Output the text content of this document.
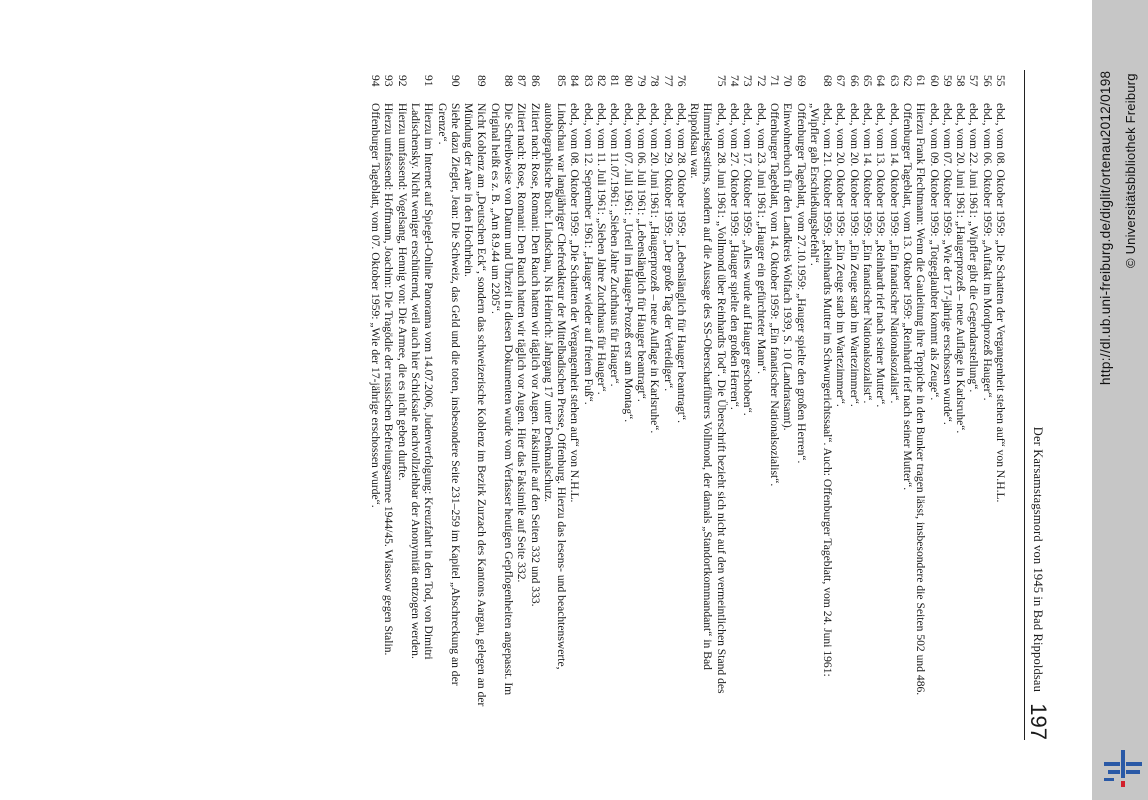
Der Karsamstagsmord von 1945 in Bad Rippoldsau
197
55
ebd., vom 08. Oktober 1959: „Die Schatten der Vergangenheit stehen auf“ von N.H.L.
56
ebd., vom 06. Oktober 1959: „Auftakt im Mordprozeß Hauger“.
57
ebd., vom 22. Juni 1961: „Wipfler gibt die Gegendarstellung“.
58
ebd., vom 20. Juni 1961: „Haugerprozeß – neue Auflage in Karlsruhe“.
59
ebd., vom 07. Oktober 1959: „Wie der 17-jährige erschossen wurde“.
60
ebd., vom 09. Oktober 1959: „Totgeglaubter kommt als Zeuge“.
61
Hierzu Frank Flechtmann: Wenn die Gauleitung ihre Teppiche in den Bunker tragen lässt, insbesondere die Seiten 502 und 486.
62
Offenburger Tageblatt, vom 13. Oktober 1959: „Reinhardt rief nach seiner Mutter“.
63
ebd., vom 14. Oktober 1959: „Ein fanatischer Nationalsozialist“.
64
ebd., vom 13. Oktober 1959: „Reinhardt rief nach seiner Mutter“.
65
ebd., vom 14. Oktober 1959: „Ein fanatischer Nationalsozialist“.
66
ebd., vom 20. Oktober 1959: „Ein Zeuge starb im Wartezimmer“.
67
ebd., vom 20. Oktober 1959: „Ein Zeuge starb im Wartezimmer“.
68
ebd., vom 21. Oktober 1959: „Reinhardts Mutter im Schwurgerichtssaal“. Auch: Offenburger Tageblatt, vom 24. Juni 1961: „Wipfler gab Erschießungsbefehl“.
69
Offenburger Tageblatt, vom 27.10.1959: „Hauger spielte den großen Herren“.
70
Einwohnerbuch für den Landkreis Wolfach 1939, S. 10 (Landratsamt).
71
Offenburger Tageblatt, vom 14. Oktober 1959: „Ein fanatischer Nationalsozialist“.
72
ebd., vom 23. Juni 1961: „Hauger ein gefürchteter Mann“.
73
ebd., vom 17. Oktober 1959: „Alles wurde auf Hauger geschoben“.
74
ebd., vom 27. Oktober 1959: „Hauger spielte den großen Herren“.
75
ebd., vom 28. Juni 1961: „Vollmond über Reinhardts Tod“. Die Überschrift bezieht sich nicht auf den vermeintlichen Stand des Himmelsgestirns, sondern auf die Aussage des SS-Oberscharführers Vollmond, der damals „Standortkommandant“ in Bad Rippoldsau war.
76
ebd., vom 28. Oktober 1959: „Lebenslänglich für Hauger beantragt“.
77
ebd., vom 29. Oktober 1959: „Der große Tag der Verteidiger“.
78
ebd., vom 20. Juni 1961: „Haugerprozeß – neue Auflage in Karlsruhe“.
79
ebd., vom 06. Juli 1961: „Lebenslänglich für Hauger beantragt“.
80
ebd., vom 07. Juli 1961: „Urteil im Hauger-Prozeß erst am Montag“.
81
ebd., vom 11.07.1961: „Sieben Jahre Zuchthaus für Hauger“.
82
ebd., vom 11. Juli 1961: „Sieben Jahre Zuchthaus für Hauger“.
83
ebd., vom 12. September 1961: „Hauger wieder auf freiem Fuß“.
84
ebd., vom 08. Oktober 1959: „Die Schatten der Vergangenheit stehen auf“ von N.H.L.
85
Lindschau war langjähriger Chefredakteur der Mittelbadischen Presse, Offenburg. Hierzu das lesens- und beachtenswerte, autobiographische Buch: Lindschau, Nis Heinrich: Jahrgang 17 unter Denkmalschutz.
86
Zitiert nach: Rose, Romani: Den Rauch hatten wir täglich vor Augen. Faksimile auf den Seiten 332 und 333.
87
Zitiert nach: Rose, Romani: Den Rauch hatten wir täglich vor Augen. Hier das Faksimile auf Seite 332.
88
Die Schreibweise von Datum und Uhrzeit in diesen Dokumenten wurde vom Verfasser heutigen Gepflogenheiten angepasst. Im Original heißt es z. B. „Am 8.9.44 um 2205“.
89
Nicht Koblenz am „Deutschen Eck“, sondern das schweizerische Koblenz im Bezirk Zurzach des Kantons Aargau, gelegen an der Mündung der Aare in den Hochrhein.
90
Siehe dazu Ziegler, Jean: Die Schweiz, das Geld und die toten, insbesondere Seite 231–259 im Kapitel „Abschreckung an der Grenze“.
91
Hierzu im Internet auf Spiegel-Online Panorama vom 14.07.2006, Judenverfolgung: Kreuzfahrt in den Tod, von Dimitri Ladischensky. Nicht weniger erschütternd, weil auch hier Schicksale nachvollziehbar der Anonymität entzogen werden.
92
Hierzu umfassend: Vogelsang, Hennig von: Die Armee, die es nicht geben durfte.
93
Hierzu umfassend: Hoffmann, Joachim: Die Tragödie der russischen Befreiungsarmee 1944/45. Wlassow gegen Stalin.
94
Offenburger Tageblatt, vom 07. Oktober 1959: „Wie der 17-jährige erschossen wurde“.	http://dl.ub.uni-freiburg.de/diglit/ortenau2012/0198 © Universitätsbibliothek Freiburg
